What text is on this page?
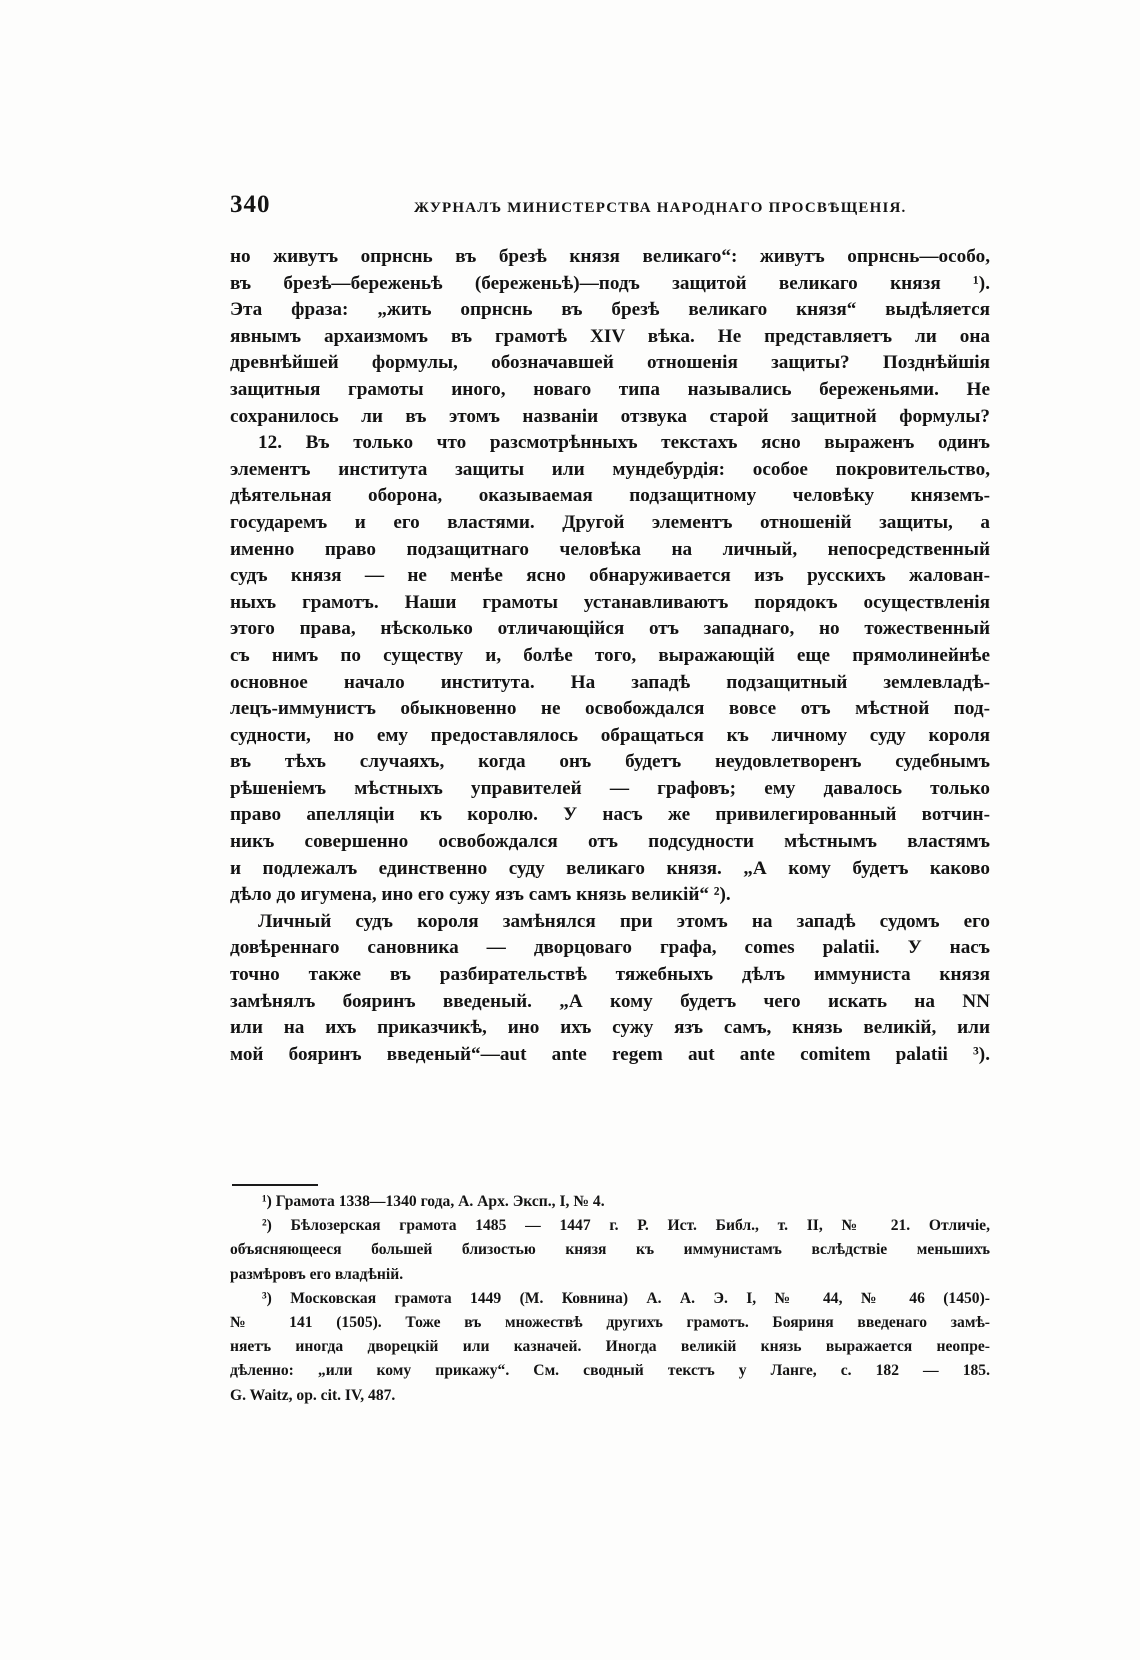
340	ЖУРНАЛЪ МИНИСТЕРСТВА НАРОДНАГО ПРОСВѢЩЕНІЯ.
но живутъ опрнснь въ брезѣ князя великаго“: живутъ опрнснь—особо,
въ брезѣ—береженьѣ (береженьѣ)—подъ защитой великаго князя ¹).
Эта фраза: „жить опрнснь въ брезѣ великаго князя“ выдѣляется
явнымъ архаизмомъ въ грамотѣ XIV вѣка. Не представляетъ ли она
древнѣйшей формулы, обозначавшей отношенія защиты? Позднѣйшія
защитныя грамоты иного, новаго типа назывались береженьями. Не
сохранилось ли въ этомъ названіи отзвука старой защитной формулы?
12. Въ только что разсмотрѣнныхъ текстахъ ясно выраженъ одинъ
элементъ института защиты или мундебурдія: особое покровительство,
дѣятельная оборона, оказываемая подзащитному человѣку княземъ-
государемъ и его властями. Другой элементъ отношеній защиты, а
именно право подзащитнаго человѣка на личный, непосредственный
судъ князя — не менѣе ясно обнаруживается изъ русскихъ жалован-
ныхъ грамотъ. Наши грамоты устанавливаютъ порядокъ осуществленія
этого права, нѣсколько отличающійся отъ западнаго, но тожественный
съ нимъ по существу и, болѣе того, выражающій еще прямолинейнѣе
основное начало института. На западѣ подзащитный землевладѣ-
лецъ-иммунистъ обыкновенно не освобождался вовсе отъ мѣстной под-
судности, но ему предоставлялось обращаться къ личному суду короля
въ тѣхъ случаяхъ, когда онъ будетъ неудовлетворенъ судебнымъ
рѣшеніемъ мѣстныхъ управителей — графовъ; ему давалось только
право апелляціи къ королю. У насъ же привилегированный вотчин-
никъ совершенно освобождался отъ подсудности мѣстнымъ властямъ
и подлежалъ единственно суду великаго князя. „А кому будетъ каково
дѣло до игумена, ино его сужу язъ самъ князь великій“ ²).
Личный судъ короля замѣнялся при этомъ на западѣ судомъ его
довѣреннаго сановника — дворцоваго графа, comes palatii. У насъ
точно также въ разбирательствѣ тяжебныхъ дѣлъ иммуниста князя
замѣнялъ бояринъ введеный. „А кому будетъ чего искать на NN
или на ихъ приказчикѣ, ино ихъ сужу язъ самъ, князь великій, или
мой бояринъ введеный“—aut ante regem aut ante comitem palatii ³).
¹) Грамота 1338—1340 года, А. Арх. Эксп., I, № 4.
²) Бѣлозерская грамота 1485 — 1447 г. Р. Ист. Библ., т. II, № 21. Отличіе,
объясняющееся большей близостью князя къ иммунистамъ вслѣдствіе меньшихъ
размѣровъ его владѣній.
³) Московская грамота 1449 (М. Ковнина) А. А. Э. I, № 44, № 46 (1450)-
№ 141 (1505). Тоже въ множествѣ другихъ грамотъ. Бояриня введенаго замѣ-
няетъ иногда дворецкій или казначей. Иногда великій князь выражается неопре-
дѣленно: „или кому прикажу“. См. сводный текстъ у Ланге, с. 182 — 185.
G. Waitz, op. cit. IV, 487.
